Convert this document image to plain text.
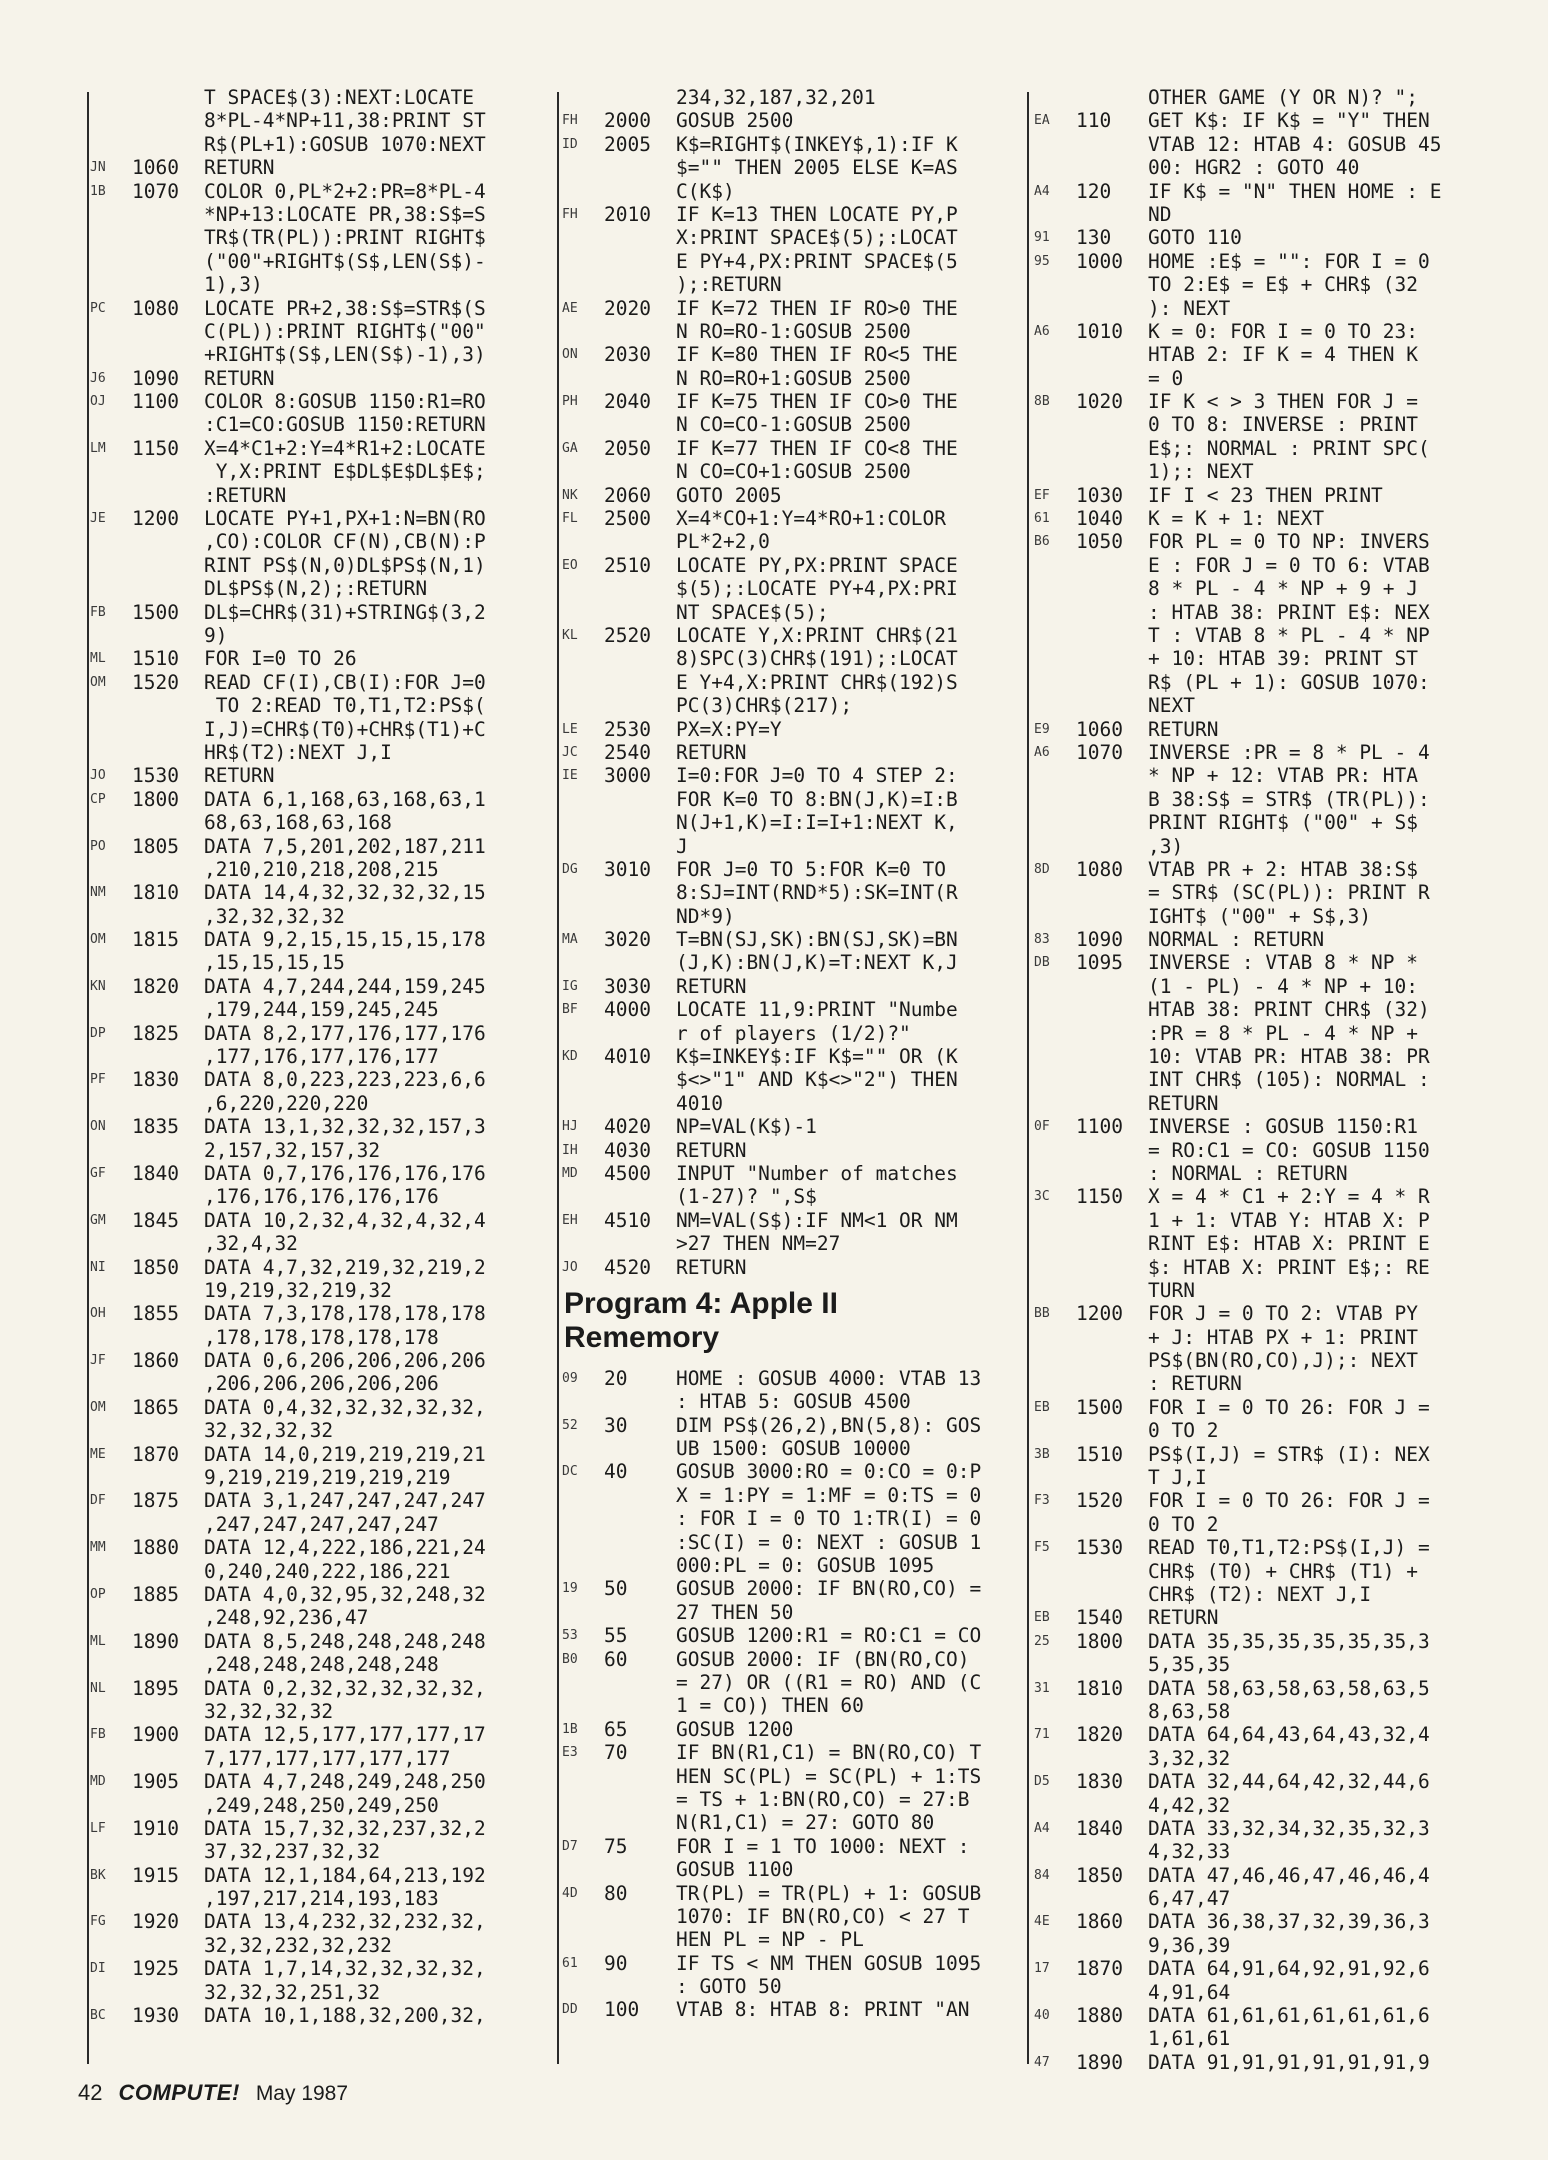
T SPACE$(3):NEXT:LOCATE
8*PL-4*NP+11,38:PRINT ST
R$(PL+1):GOSUB 1070:NEXT
JN	1060	RETURN
1B	1070	COLOR 0,PL*2+2:PR=8*PL-4
*NP+13:LOCATE PR,38:S$=S
TR$(TR(PL)):PRINT RIGHT$
("00"+RIGHT$(S$,LEN(S$)-
1),3)
PC	1080	LOCATE PR+2,38:S$=STR$(S
C(PL)):PRINT RIGHT$("00"
+RIGHT$(S$,LEN(S$)-1),3)
J6	1090	RETURN
OJ	1100	COLOR 8:GOSUB 1150:R1=RO
:C1=CO:GOSUB 1150:RETURN
LM	1150	X=4*C1+2:Y=4*R1+2:LOCATE
Y,X:PRINT E$DL$E$DL$E$;
:RETURN
JE	1200	LOCATE PY+1,PX+1:N=BN(RO
,CO):COLOR CF(N),CB(N):P
RINT PS$(N,0)DL$PS$(N,1)
DL$PS$(N,2);:RETURN
FB	1500	DL$=CHR$(31)+STRING$(3,2
9)
ML	1510	FOR I=0 TO 26
OM	1520	READ CF(I),CB(I):FOR J=0
TO 2:READ T0,T1,T2:PS$(
I,J)=CHR$(T0)+CHR$(T1)+C
HR$(T2):NEXT J,I
JO	1530	RETURN
CP	1800	DATA 6,1,168,63,168,63,1
68,63,168,63,168
PO	1805	DATA 7,5,201,202,187,211
,210,210,218,208,215
NM	1810	DATA 14,4,32,32,32,32,15
,32,32,32,32
OM	1815	DATA 9,2,15,15,15,15,178
,15,15,15,15
KN	1820	DATA 4,7,244,244,159,245
,179,244,159,245,245
DP	1825	DATA 8,2,177,176,177,176
,177,176,177,176,177
PF	1830	DATA 8,0,223,223,223,6,6
,6,220,220,220
ON	1835	DATA 13,1,32,32,32,157,3
2,157,32,157,32
GF	1840	DATA 0,7,176,176,176,176
,176,176,176,176,176
GM	1845	DATA 10,2,32,4,32,4,32,4
,32,4,32
NI	1850	DATA 4,7,32,219,32,219,2
19,219,32,219,32
OH	1855	DATA 7,3,178,178,178,178
,178,178,178,178,178
JF	1860	DATA 0,6,206,206,206,206
,206,206,206,206,206
OM	1865	DATA 0,4,32,32,32,32,32,
32,32,32,32
ME	1870	DATA 14,0,219,219,219,21
9,219,219,219,219,219
DF	1875	DATA 3,1,247,247,247,247
,247,247,247,247,247
MM	1880	DATA 12,4,222,186,221,24
0,240,240,222,186,221
OP	1885	DATA 4,0,32,95,32,248,32
,248,92,236,47
ML	1890	DATA 8,5,248,248,248,248
,248,248,248,248,248
NL	1895	DATA 0,2,32,32,32,32,32,
32,32,32,32
FB	1900	DATA 12,5,177,177,177,17
7,177,177,177,177,177
MD	1905	DATA 4,7,248,249,248,250
,249,248,250,249,250
LF	1910	DATA 15,7,32,32,237,32,2
37,32,237,32,32
BK	1915	DATA 12,1,184,64,213,192
,197,217,214,193,183
FG	1920	DATA 13,4,232,32,232,32,
32,32,232,32,232
DI	1925	DATA 1,7,14,32,32,32,32,
32,32,32,251,32
BC	1930	DATA 10,1,188,32,200,32,
234,32,187,32,201
FH	2000	GOSUB 2500
ID	2005	K$=RIGHT$(INKEY$,1):IF K
$="" THEN 2005 ELSE K=AS
C(K$)
FH	2010	IF K=13 THEN LOCATE PY,P
X:PRINT SPACE$(5);:LOCAT
E PY+4,PX:PRINT SPACE$(5
);:RETURN
AE	2020	IF K=72 THEN IF RO>0 THE
N RO=RO-1:GOSUB 2500
ON	2030	IF K=80 THEN IF RO<5 THE
N RO=RO+1:GOSUB 2500
PH	2040	IF K=75 THEN IF CO>0 THE
N CO=CO-1:GOSUB 2500
GA	2050	IF K=77 THEN IF CO<8 THE
N CO=CO+1:GOSUB 2500
NK	2060	GOTO 2005
FL	2500	X=4*CO+1:Y=4*RO+1:COLOR
PL*2+2,0
EO	2510	LOCATE PY,PX:PRINT SPACE
$(5);:LOCATE PY+4,PX:PRI
NT SPACE$(5);
KL	2520	LOCATE Y,X:PRINT CHR$(21
8)SPC(3)CHR$(191);:LOCAT
E Y+4,X:PRINT CHR$(192)S
PC(3)CHR$(217);
LE	2530	PX=X:PY=Y
JC	2540	RETURN
IE	3000	I=0:FOR J=0 TO 4 STEP 2:
FOR K=0 TO 8:BN(J,K)=I:B
N(J+1,K)=I:I=I+1:NEXT K,
J
DG	3010	FOR J=0 TO 5:FOR K=0 TO
8:SJ=INT(RND*5):SK=INT(R
ND*9)
MA	3020	T=BN(SJ,SK):BN(SJ,SK)=BN
(J,K):BN(J,K)=T:NEXT K,J
IG	3030	RETURN
BF	4000	LOCATE 11,9:PRINT "Numbe
r of players (1/2)?"
KD	4010	K$=INKEY$:IF K$="" OR (K
$<>"1" AND K$<>"2") THEN
4010
HJ	4020	NP=VAL(K$)-1
IH	4030	RETURN
MD	4500	INPUT "Number of matches
(1-27)? ",S$
EH	4510	NM=VAL(S$):IF NM<1 OR NM
>27 THEN NM=27
JO	4520	RETURN
Program 4: Apple II
Rememory
09	20	HOME : GOSUB 4000: VTAB 13
: HTAB 5: GOSUB 4500
52	30	DIM PS$(26,2),BN(5,8): GOS
UB 1500: GOSUB 10000
DC	40	GOSUB 3000:RO = 0:CO = 0:P
X = 1:PY = 1:MF = 0:TS = 0
: FOR I = 0 TO 1:TR(I) = 0
:SC(I) = 0: NEXT : GOSUB 1
000:PL = 0: GOSUB 1095
19	50	GOSUB 2000: IF BN(RO,CO) =
27 THEN 50
53	55	GOSUB 1200:R1 = RO:C1 = CO
B0	60	GOSUB 2000: IF (BN(RO,CO)
= 27) OR ((R1 = RO) AND (C
1 = CO)) THEN 60
1B	65	GOSUB 1200
E3	70	IF BN(R1,C1) = BN(RO,CO) T
HEN SC(PL) = SC(PL) + 1:TS
= TS + 1:BN(RO,CO) = 27:B
N(R1,C1) = 27: GOTO 80
D7	75	FOR I = 1 TO 1000: NEXT :
GOSUB 1100
4D	80	TR(PL) = TR(PL) + 1: GOSUB
1070: IF BN(RO,CO) < 27 T
HEN PL = NP - PL
61	90	IF TS < NM THEN GOSUB 1095
: GOTO 50
DD	100	VTAB 8: HTAB 8: PRINT "AN
OTHER GAME (Y OR N)? ";
EA	110	GET K$: IF K$ = "Y" THEN
VTAB 12: HTAB 4: GOSUB 45
00: HGR2 : GOTO 40
A4	120	IF K$ = "N" THEN HOME : E
ND
91	130	GOTO 110
95	1000	HOME :E$ = "": FOR I = 0
TO 2:E$ = E$ + CHR$ (32
): NEXT
A6	1010	K = 0: FOR I = 0 TO 23:
HTAB 2: IF K = 4 THEN K
= 0
8B	1020	IF K < > 3 THEN FOR J =
0 TO 8: INVERSE : PRINT
E$;: NORMAL : PRINT SPC(
1);: NEXT
EF	1030	IF I < 23 THEN PRINT
61	1040	K = K + 1: NEXT
B6	1050	FOR PL = 0 TO NP: INVERS
E : FOR J = 0 TO 6: VTAB
8 * PL - 4 * NP + 9 + J
: HTAB 38: PRINT E$: NEX
T : VTAB 8 * PL - 4 * NP
+ 10: HTAB 39: PRINT ST
R$ (PL + 1): GOSUB 1070:
NEXT
E9	1060	RETURN
A6	1070	INVERSE :PR = 8 * PL - 4
* NP + 12: VTAB PR: HTA
B 38:S$ = STR$ (TR(PL)):
PRINT RIGHT$ ("00" + S$
,3)
8D	1080	VTAB PR + 2: HTAB 38:S$
= STR$ (SC(PL)): PRINT R
IGHT$ ("00" + S$,3)
83	1090	NORMAL : RETURN
DB	1095	INVERSE : VTAB 8 * NP *
(1 - PL) - 4 * NP + 10:
HTAB 38: PRINT CHR$ (32)
:PR = 8 * PL - 4 * NP +
10: VTAB PR: HTAB 38: PR
INT CHR$ (105): NORMAL :
RETURN
0F	1100	INVERSE : GOSUB 1150:R1
= RO:C1 = CO: GOSUB 1150
: NORMAL : RETURN
3C	1150	X = 4 * C1 + 2:Y = 4 * R
1 + 1: VTAB Y: HTAB X: P
RINT E$: HTAB X: PRINT E
$: HTAB X: PRINT E$;: RE
TURN
BB	1200	FOR J = 0 TO 2: VTAB PY
+ J: HTAB PX + 1: PRINT
PS$(BN(RO,CO),J);: NEXT
: RETURN
EB	1500	FOR I = 0 TO 26: FOR J =
0 TO 2
3B	1510	PS$(I,J) = STR$ (I): NEX
T J,I
F3	1520	FOR I = 0 TO 26: FOR J =
0 TO 2
F5	1530	READ T0,T1,T2:PS$(I,J) =
CHR$ (T0) + CHR$ (T1) +
CHR$ (T2): NEXT J,I
EB	1540	RETURN
25	1800	DATA 35,35,35,35,35,35,3
5,35,35
31	1810	DATA 58,63,58,63,58,63,5
8,63,58
71	1820	DATA 64,64,43,64,43,32,4
3,32,32
D5	1830	DATA 32,44,64,42,32,44,6
4,42,32
A4	1840	DATA 33,32,34,32,35,32,3
4,32,33
84	1850	DATA 47,46,46,47,46,46,4
6,47,47
4E	1860	DATA 36,38,37,32,39,36,3
9,36,39
17	1870	DATA 64,91,64,92,91,92,6
4,91,64
40	1880	DATA 61,61,61,61,61,61,6
1,61,61
47	1890	DATA 91,91,91,91,91,91,9
42 COMPUTE! May 1987
